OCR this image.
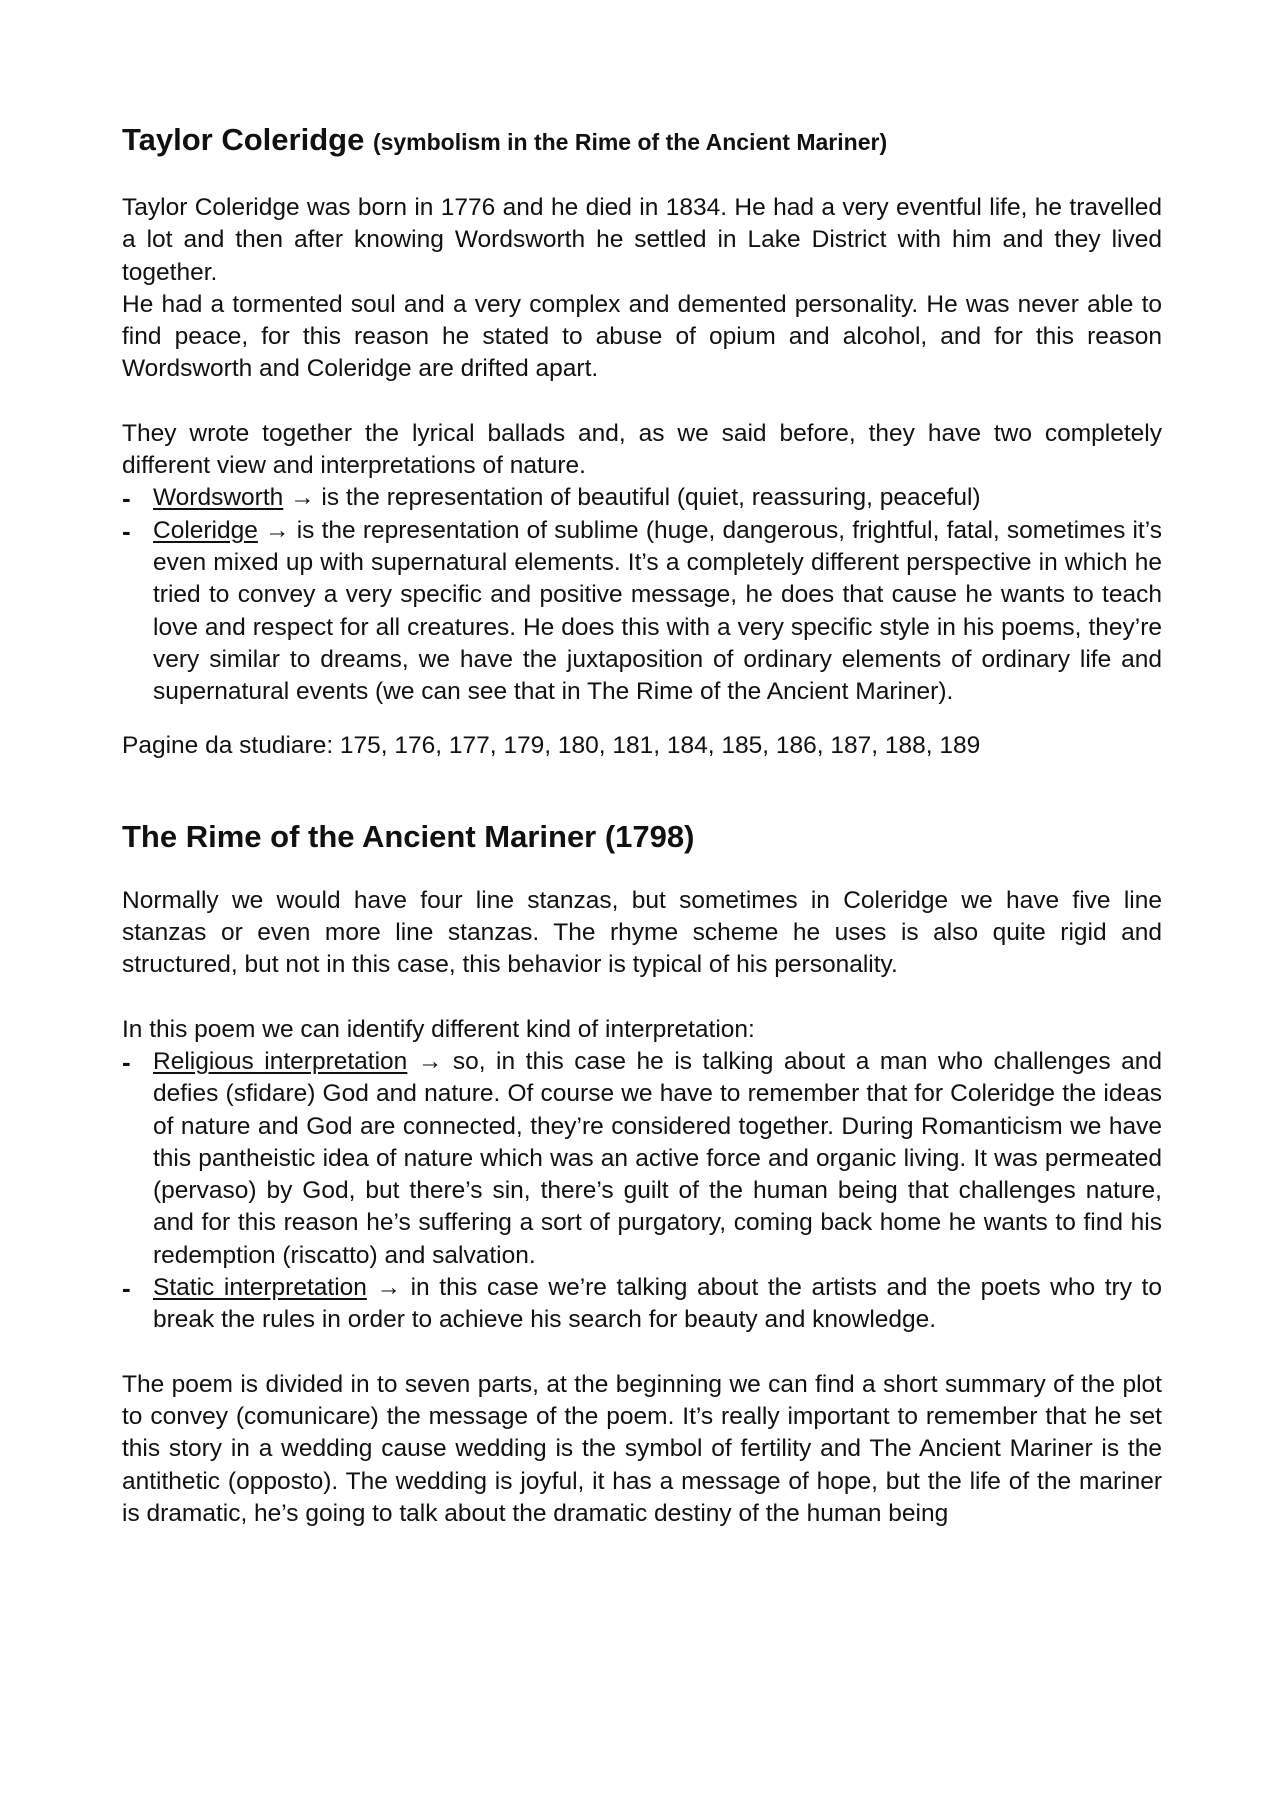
Taylor Coleridge (symbolism in the Rime of the Ancient Mariner)

Taylor Coleridge was born in 1776 and he died in 1834. He had a very eventful life, he travelled a lot and then after knowing Wordsworth he settled in Lake District with him and they lived together.

He had a tormented soul and a very complex and demented personality. He was never able to find peace, for this reason he stated to abuse of opium and alcohol, and for this reason Wordsworth and Coleridge are drifted apart.

They wrote together the lyrical ballads and, as we said before, they have two completely different view and interpretations of nature.

- Wordsworth → is the representation of beautiful (quiet, reassuring, peaceful)
- Coleridge → is the representation of sublime (huge, dangerous, frightful, fatal, sometimes it’s even mixed up with supernatural elements. It’s a completely different perspective in which he tried to convey a very specific and positive message, he does that cause he wants to teach love and respect for all creatures. He does this with a very specific style in his poems, they’re very similar to dreams, we have the juxtaposition of ordinary elements of ordinary life and supernatural events (we can see that in The Rime of the Ancient Mariner).

Pagine da studiare: 175, 176, 177, 179, 180, 181, 184, 185, 186, 187, 188, 189

The Rime of the Ancient Mariner (1798)

Normally we would have four line stanzas, but sometimes in Coleridge we have five line stanzas or even more line stanzas. The rhyme scheme he uses is also quite rigid and structured, but not in this case, this behavior is typical of his personality.

In this poem we can identify different kind of interpretation:

- Religious interpretation → so, in this case he is talking about a man who challenges and defies (sfidare) God and nature. Of course we have to remember that for Coleridge the ideas of nature and God are connected, they’re considered together. During Romanticism we have this pantheistic idea of nature which was an active force and organic living. It was permeated (pervaso) by God, but there’s sin, there’s guilt of the human being that challenges nature, and for this reason he’s suffering a sort of purgatory, coming back home he wants to find his redemption (riscatto) and salvation.
- Static interpretation → in this case we’re talking about the artists and the poets who try to break the rules in order to achieve his search for beauty and knowledge.

The poem is divided in to seven parts, at the beginning we can find a short summary of the plot to convey (comunicare) the message of the poem. It’s really important to remember that he set this story in a wedding cause wedding is the symbol of fertility and The Ancient Mariner is the antithetic (opposto). The wedding is joyful, it has a message of hope, but the life of the mariner is dramatic, he’s going to talk about the dramatic destiny of the human being
